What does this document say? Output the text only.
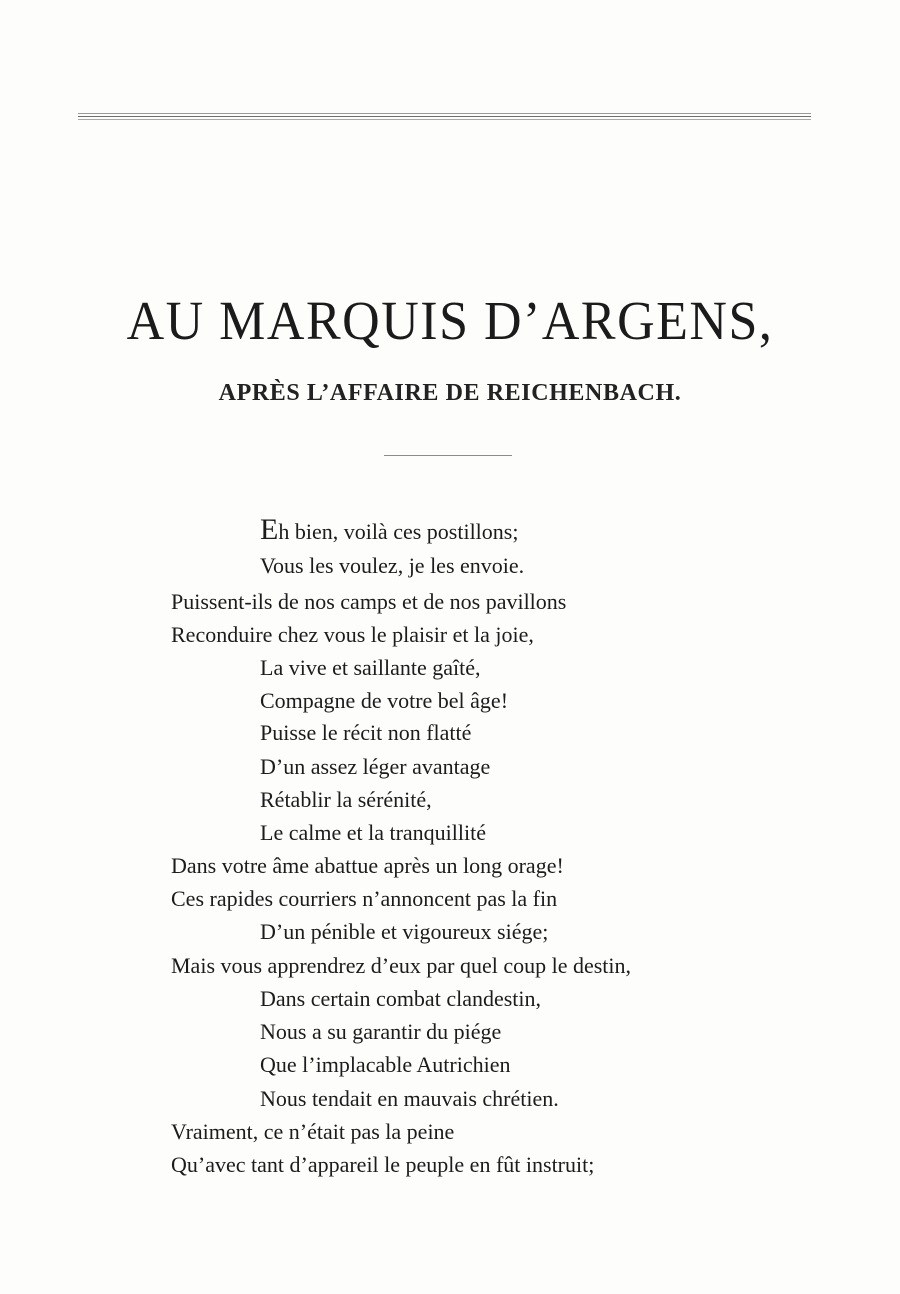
AU MARQUIS D’ARGENS,
APRÈS L’AFFAIRE DE REICHENBACH.
Eh bien, voilà ces postillons;
Vous les voulez, je les envoie.
Puissent-ils de nos camps et de nos pavillons
Reconduire chez vous le plaisir et la joie,
La vive et saillante gaîté,
Compagne de votre bel âge!
Puisse le récit non flatté
D’un assez léger avantage
Rétablir la sérénité,
Le calme et la tranquillité
Dans votre âme abattue après un long orage!
Ces rapides courriers n’annoncent pas la fin
D’un pénible et vigoureux siége;
Mais vous apprendrez d’eux par quel coup le destin,
Dans certain combat clandestin,
Nous a su garantir du piége
Que l’implacable Autrichien
Nous tendait en mauvais chrétien.
Vraiment, ce n’était pas la peine
Qu’avec tant d’appareil le peuple en fût instruit;
